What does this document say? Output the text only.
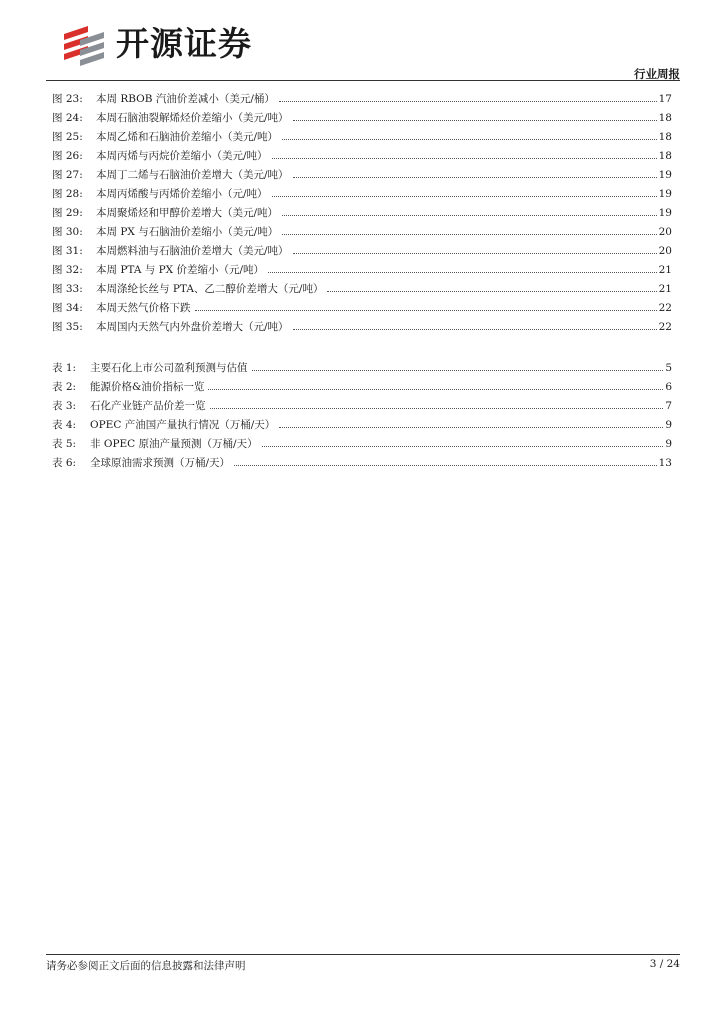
开源证券
行业周报
图 23:	本周 RBOB 汽油价差减小（美元/桶）	17
图 24:	本周石脑油裂解烯烃价差缩小（美元/吨）	18
图 25:	本周乙烯和石脑油价差缩小（美元/吨）	18
图 26:	本周丙烯与丙烷价差缩小（美元/吨）	18
图 27:	本周丁二烯与石脑油价差增大（美元/吨）	19
图 28:	本周丙烯酸与丙烯价差缩小（元/吨）	19
图 29:	本周聚烯烃和甲醇价差增大（美元/吨）	19
图 30:	本周 PX 与石脑油价差缩小（美元/吨）	20
图 31:	本周燃料油与石脑油价差增大（美元/吨）	20
图 32:	本周 PTA 与 PX 价差缩小（元/吨）	21
图 33:	本周涤纶长丝与 PTA、乙二醇价差增大（元/吨）	21
图 34:	本周天然气价格下跌	22
图 35:	本周国内天然气内外盘价差增大（元/吨）	22
表 1:	主要石化上市公司盈利预测与估值	5
表 2:	能源价格&油价指标一览	6
表 3:	石化产业链产品价差一览	7
表 4:	OPEC 产油国产量执行情况（万桶/天）	9
表 5:	非 OPEC 原油产量预测（万桶/天）	9
表 6:	全球原油需求预测（万桶/天）	13
请务必参阅正文后面的信息披露和法律声明	3 / 24
